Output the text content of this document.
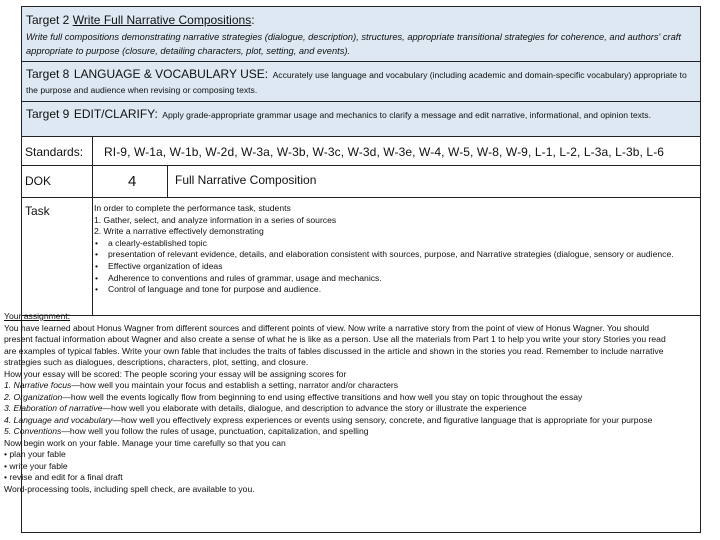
Target 2 Write Full Narrative Compositions:
Write full compositions demonstrating narrative strategies (dialogue, description), structures, appropriate transitional strategies for coherence, and authors' craft appropriate to purpose (closure, detailing characters, plot, setting, and events).
Target 8 LANGUAGE & VOCABULARY USE: Accurately use language and vocabulary (including academic and domain-specific vocabulary) appropriate to the purpose and audience when revising or composing texts.
Target 9 EDIT/CLARIFY: Apply grade-appropriate grammar usage and mechanics to clarify a message and edit narrative, informational, and opinion texts.
Standards: RI-9, W-1a, W-1b, W-2d, W-3a, W-3b, W-3c, W-3d, W-3e, W-4, W-5, W-8, W-9, L-1, L-2, L-3a, L-3b, L-6
DOK	4	Full Narrative Composition
Task	In order to complete the performance task, students
1. Gather, select, and analyze information in a series of sources
2. Write a narrative effectively demonstrating
• a clearly-established topic
• presentation of relevant evidence, details, and elaboration consistent with sources, purpose, and Narrative strategies (dialogue, sensory or audience.
• Effective organization of ideas
• Adherence to conventions and rules of grammar, usage and mechanics.
• Control of language and tone for purpose and audience.

Your assignment:

You have learned about Honus Wagner from different sources and different points of view. Now write a narrative story from the point of view of Honus Wagner. You should present factual information about Wagner and also create a sense of what he is like as a person. Use all the materials from Part 1 to help you write your story Stories you read are examples of typical fables. Write your own fable that includes the traits of fables discussed in the article and shown in the stories you read. Remember to include narrative strategies such as dialogues, descriptions, characters, plot, setting, and closure.

How your essay will be scored: The people scoring your essay will be assigning scores for

1. Narrative focus—how well you maintain your focus and establish a setting, narrator and/or characters

2. Organization—how well the events logically flow from beginning to end using effective transitions and how well you stay on topic throughout the essay

3. Elaboration of narrative—how well you elaborate with details, dialogue, and description to advance the story or illustrate the experience

4. Language and vocabulary—how well you effectively express experiences or events using sensory, concrete, and figurative language that is appropriate for your purpose

5. Conventions—how well you follow the rules of usage, punctuation, capitalization, and spelling

Now begin work on your fable. Manage your time carefully so that you can

• plan your fable

• write your fable

• revise and edit for a final draft

Word-processing tools, including spell check, are available to you.
